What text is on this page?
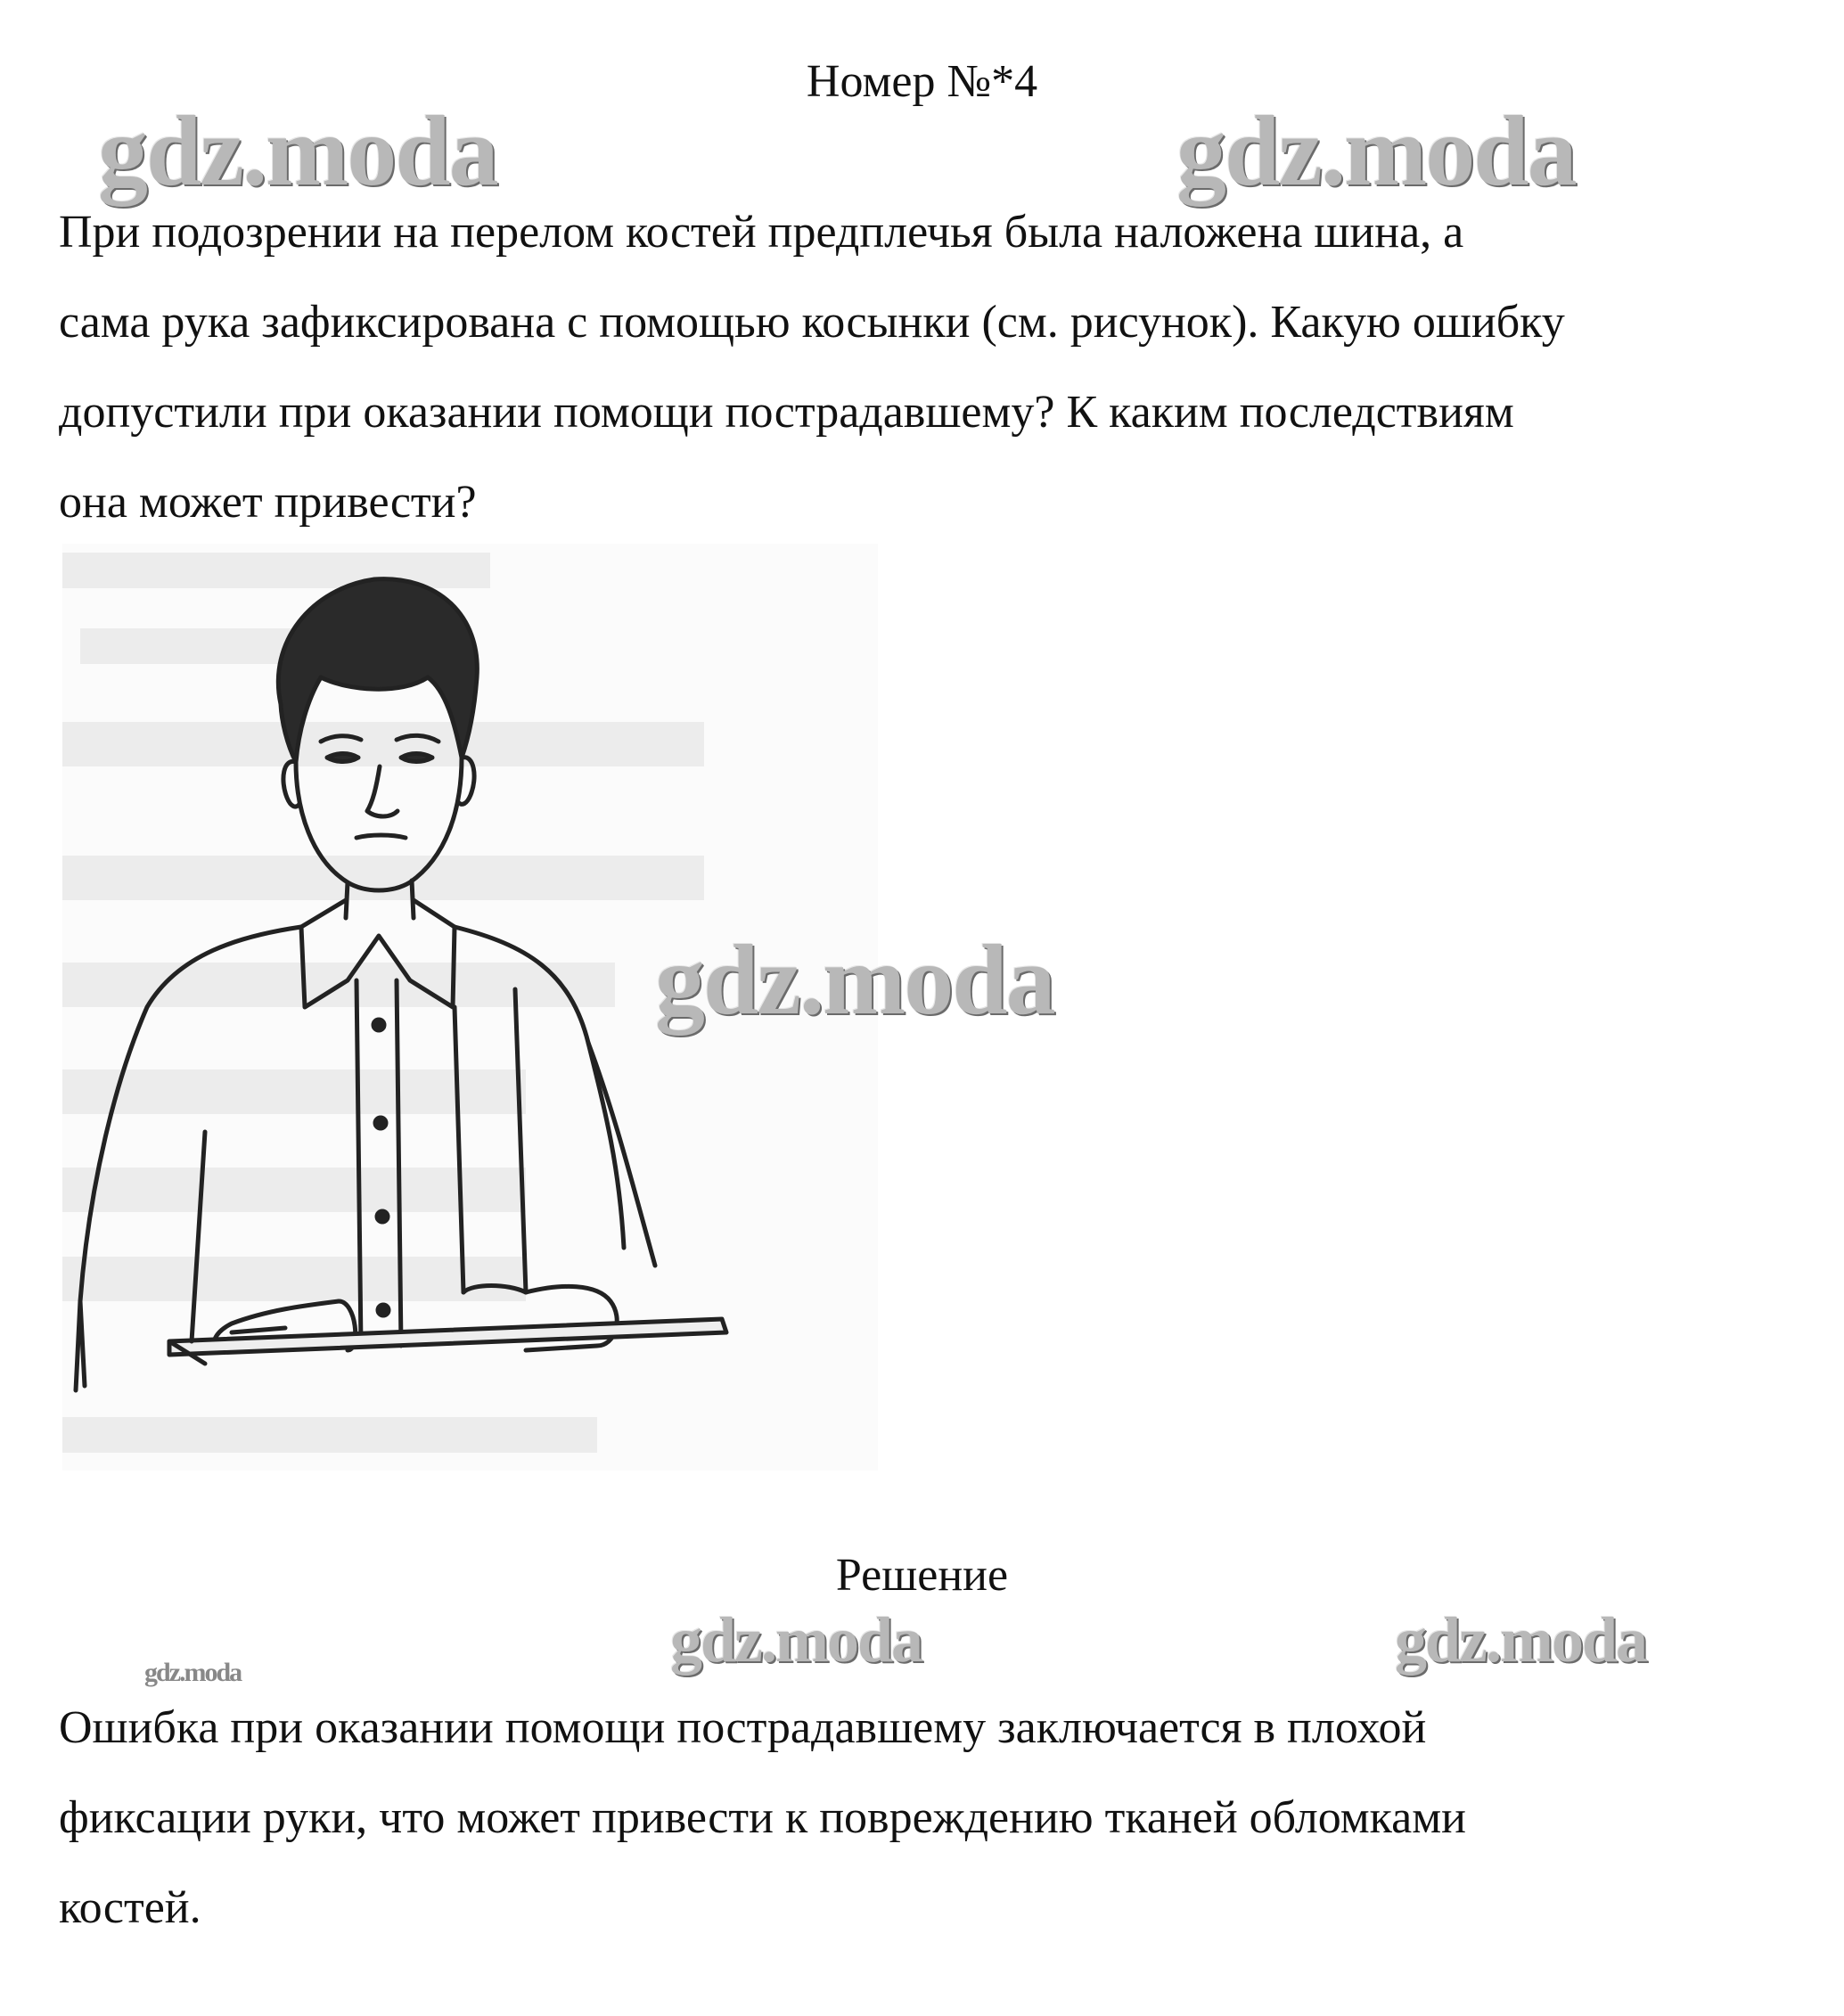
gdz.moda	gdz.moda
Номер №*4
При подозрении на перелом костей предплечья была наложена шина, а
сама рука зафиксирована с помощью косынки (см. рисунок). Какую ошибку
допустили при оказании помощи пострадавшему? К каким последствиям
она может привести?
gdz.moda
Решение
gdz.moda	gdz.moda
gdz.moda
Ошибка при оказании помощи пострадавшему заключается в плохой
фиксации руки, что может привести к повреждению тканей обломками
костей.
